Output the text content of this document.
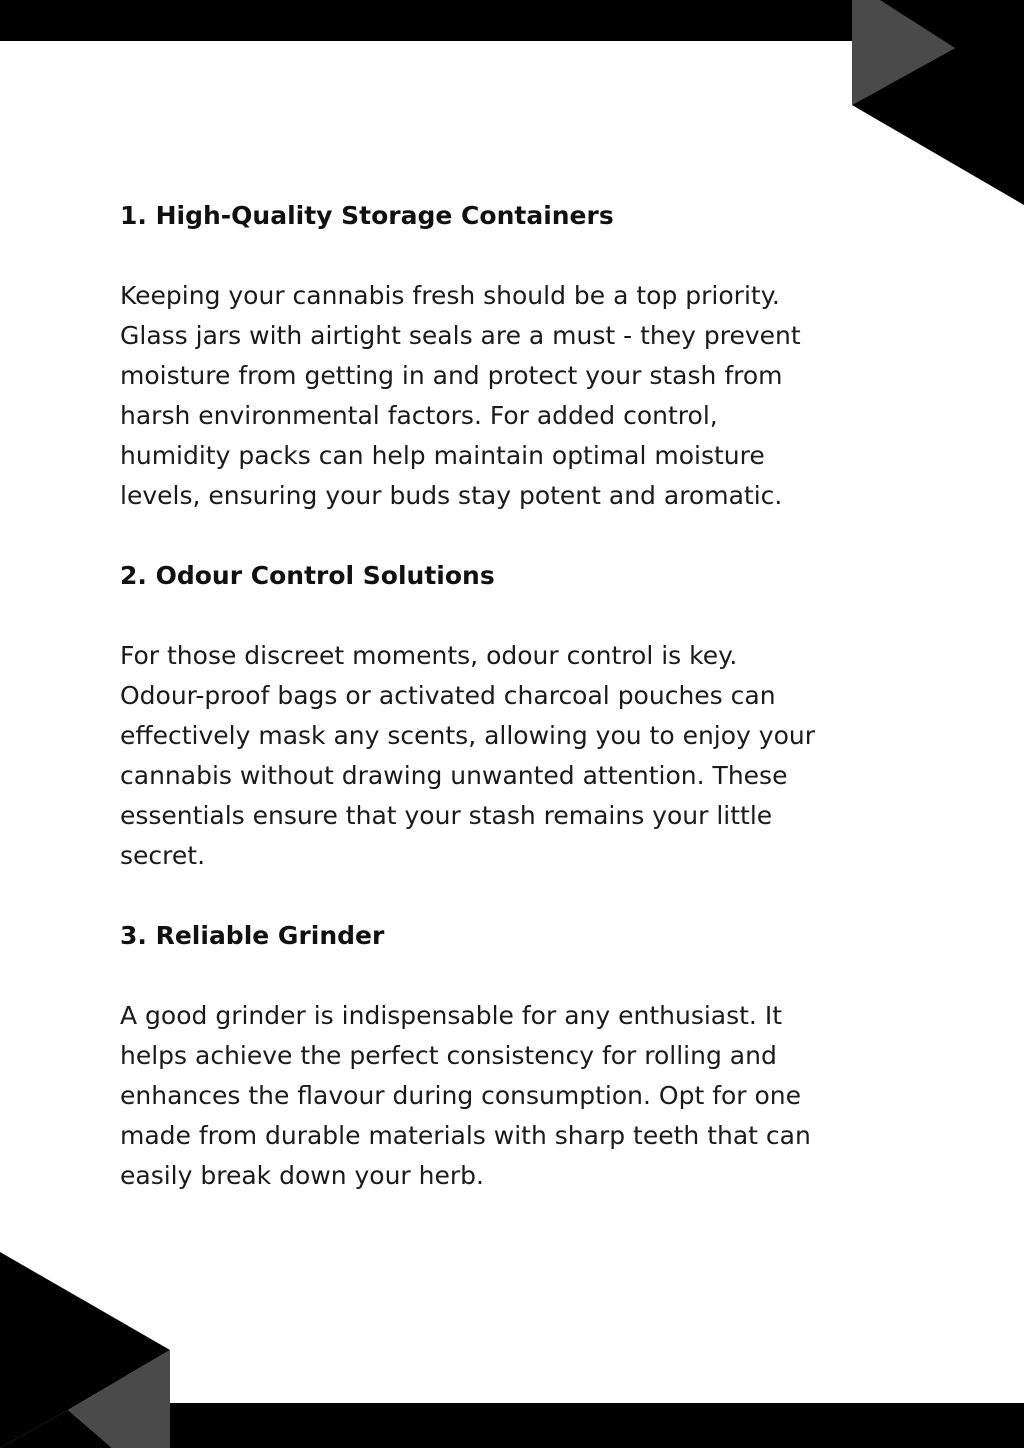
1. High-Quality Storage Containers
Keeping your cannabis fresh should be a top priority.
Glass jars with airtight seals are a must - they prevent
moisture from getting in and protect your stash from
harsh environmental factors. For added control,
humidity packs can help maintain optimal moisture
levels, ensuring your buds stay potent and aromatic.
2. Odour Control Solutions
For those discreet moments, odour control is key.
Odour-proof bags or activated charcoal pouches can
effectively mask any scents, allowing you to enjoy your
cannabis without drawing unwanted attention. These
essentials ensure that your stash remains your little
secret.
3. Reliable Grinder
A good grinder is indispensable for any enthusiast. It
helps achieve the perfect consistency for rolling and
enhances the flavour during consumption. Opt for one
made from durable materials with sharp teeth that can
easily break down your herb.
